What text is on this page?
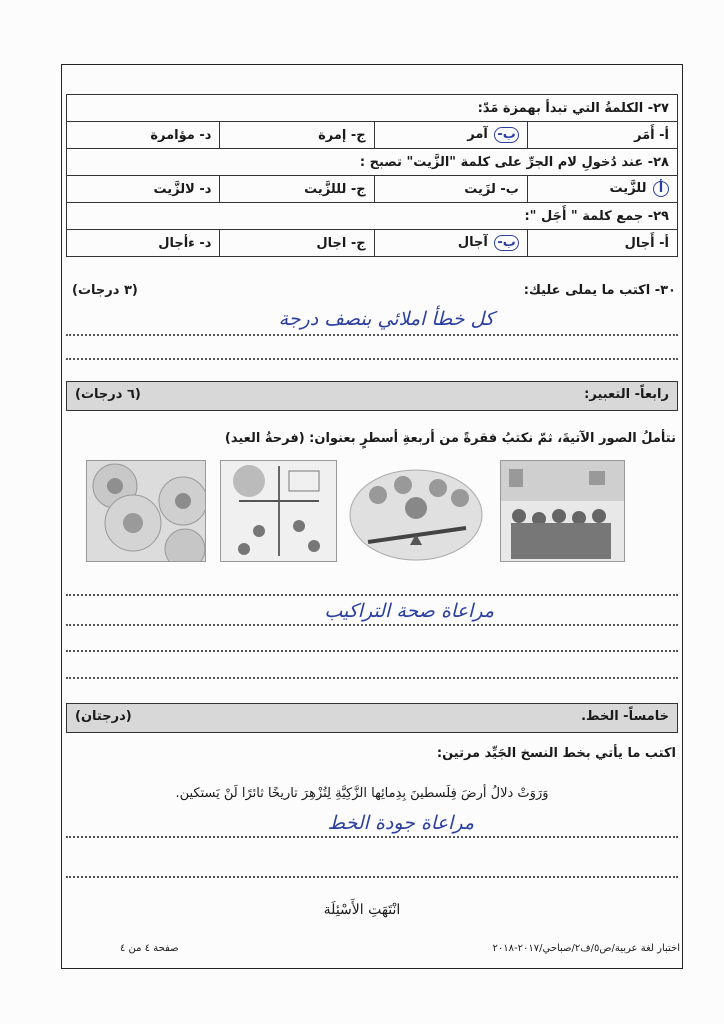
٢٧- الكلمةُ التي تبدأ بهمزة مَدّ:			
أ- أَمَر	ب- آمر	ج- إمرة	د- مؤامرة
٢٨- عند دُخولِ لام الجرِّ على كلمة "الزَّيت" تصبح :			
أ للزَّيت	ب- لزَيت	ج- لللزَّيت	د- لالزَّيت
٢٩- جمع كلمة " أَجَل ":			
أ- أَجال	ب- آجال	ج- اجال	د- ءأجال
٣٠- اكتب ما يملى عليك:
(٣ درجات)
كل خطأ املائي بنصف درجة
رابعاً- التعبير:
(٦ درجات)
نتأملُ الصور الآتيةَ، ثمّ نكتبُ فقرةً من أربعةِ أسطرٍ بعنوان: (فرحةُ العيد)
مراعاة صحة التراكيب
خامساً- الخط.
(درجتان)
اكتب ما يأتي بخط النسخ الجَيِّد مرتين:
وَرَوَتْ دلالُ أرضَ فِلَسطينَ بِدِمائِها الزَّكِيَّةِ لِتُزْهِرَ تاريخًا ثائرًا لَنْ يَستكين.
مراعاة جودة الخط
انْتَهَتِ الأَسْئِلَة
اختبار لغة عربية/ص٥/ف٢/صباحي/٢٠١٧-٢٠١٨
صفحة ٤ من ٤
